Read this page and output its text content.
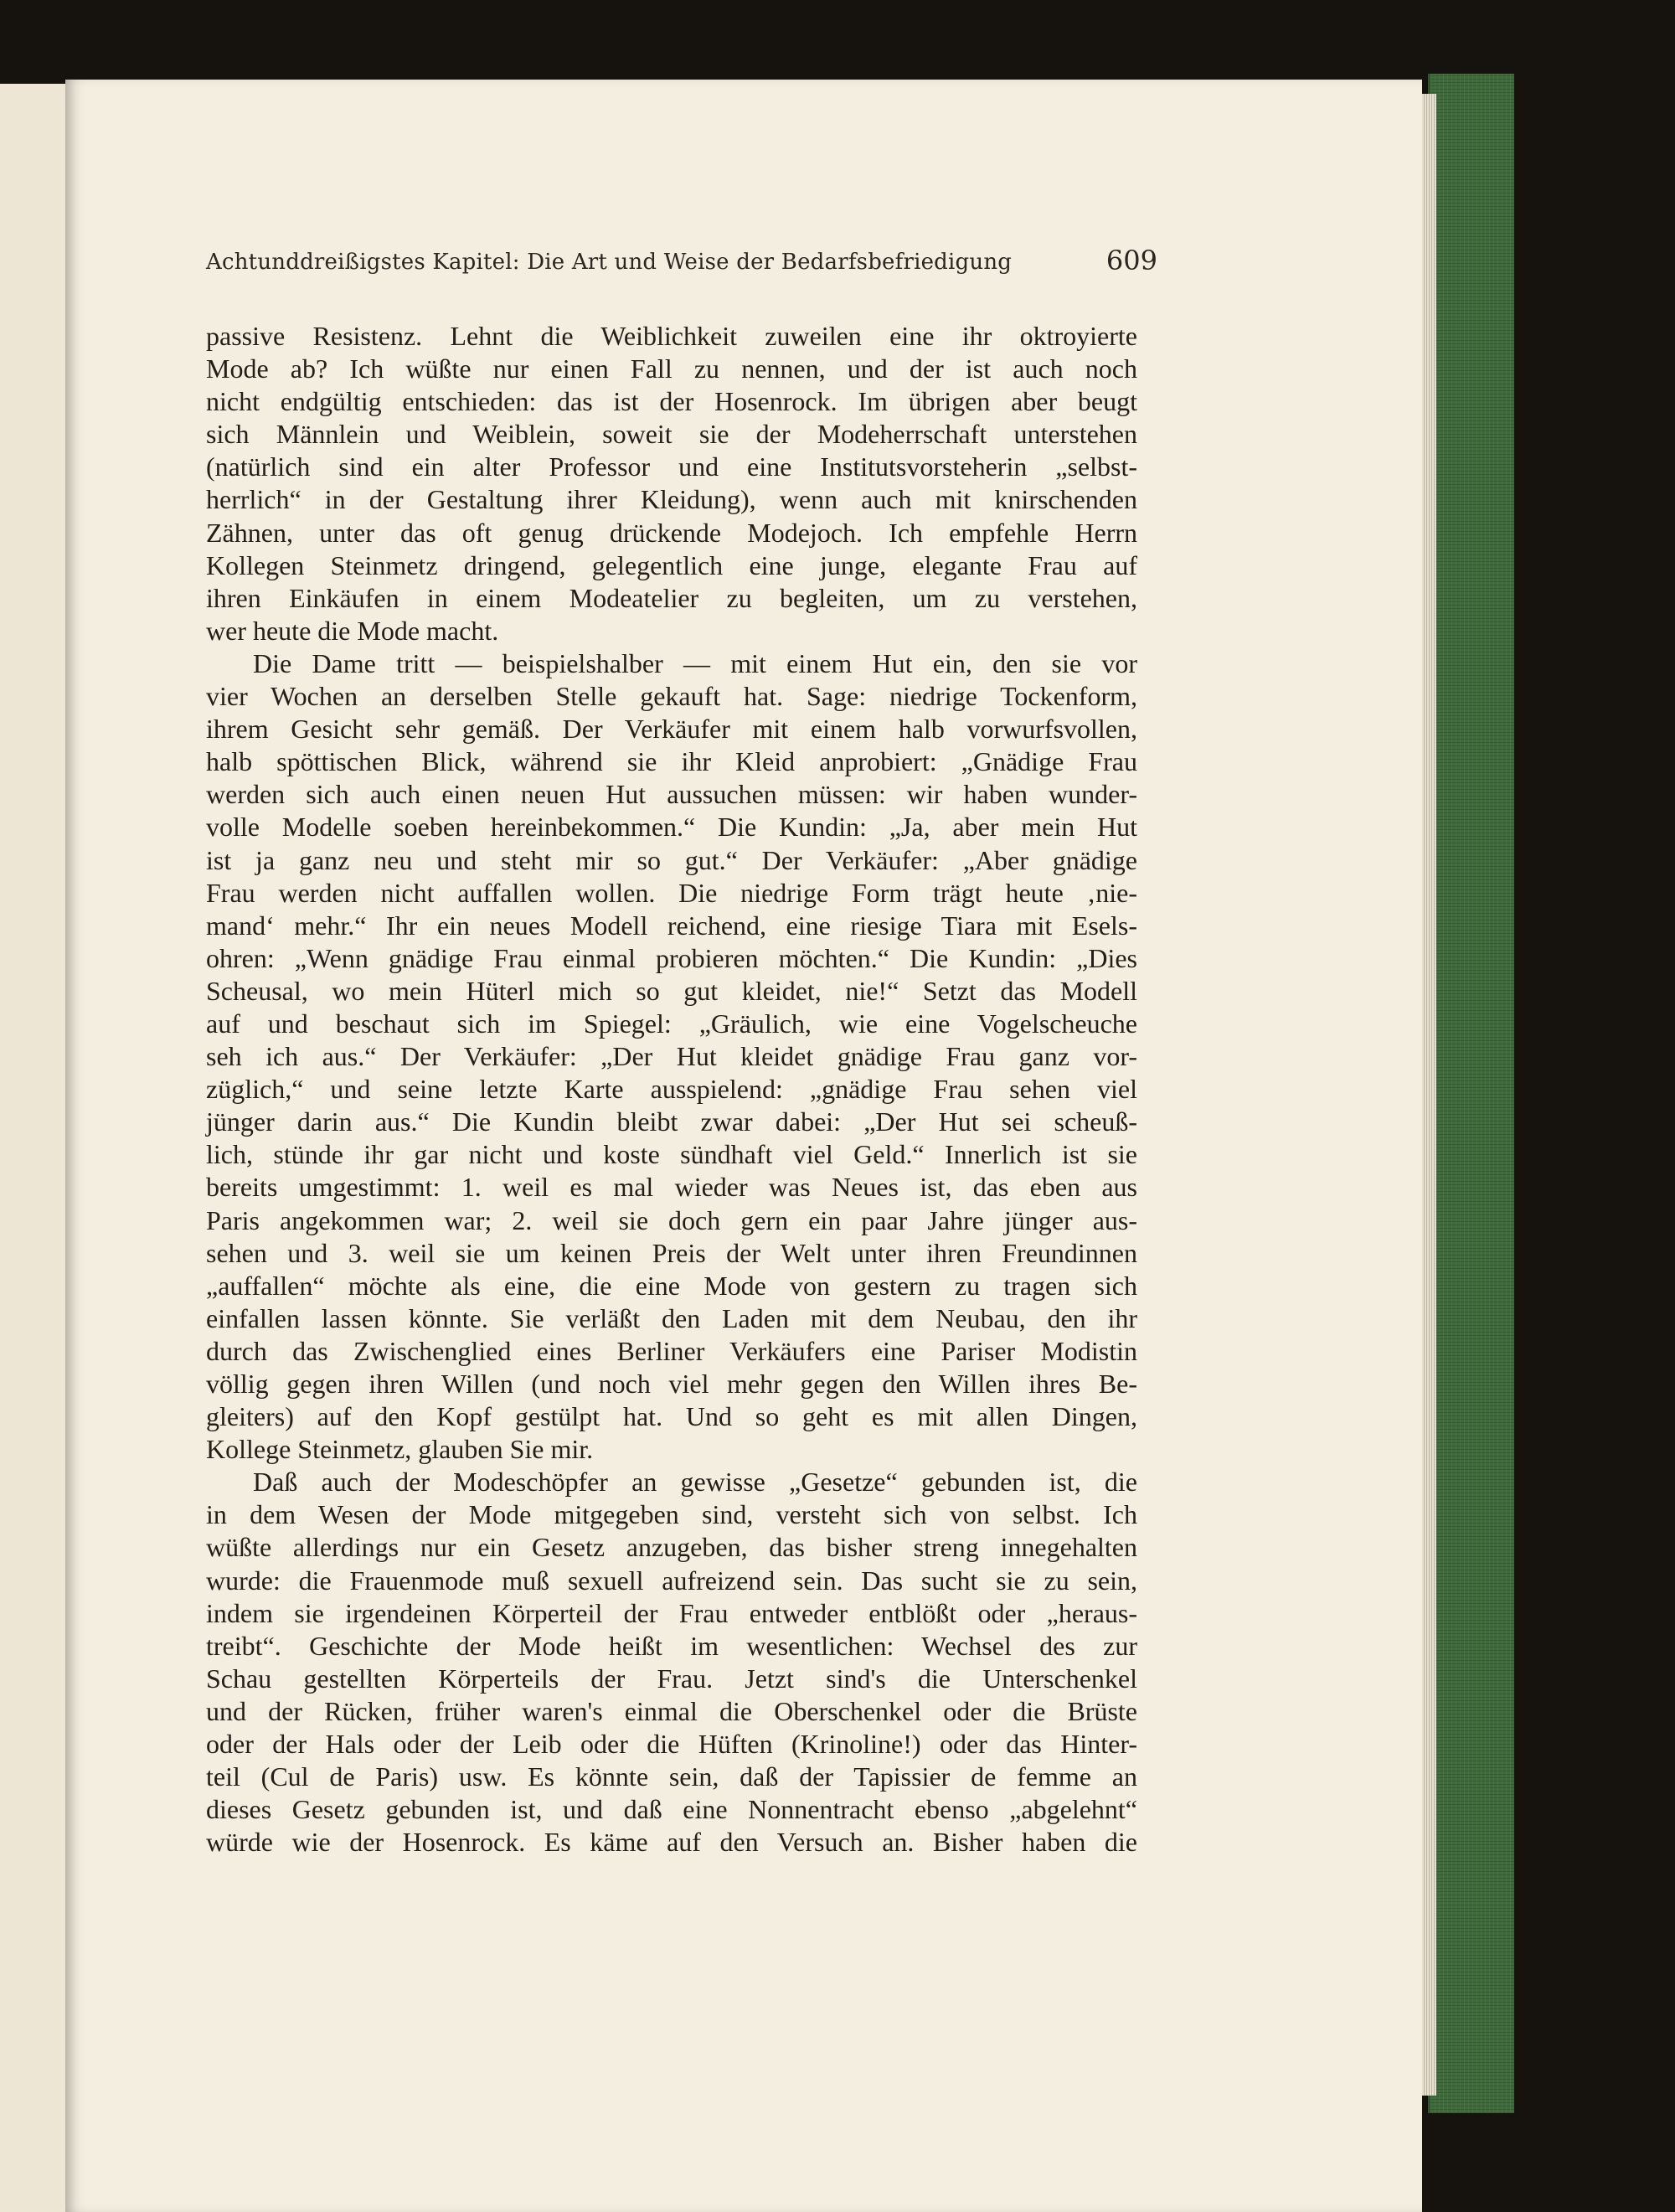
Achtunddreißigstes Kapitel: Die Art und Weise der Bedarfsbefriedigung	609
passive Resistenz. Lehnt die Weiblichkeit zuweilen eine ihr oktroyierte
Mode ab? Ich wüßte nur einen Fall zu nennen, und der ist auch noch
nicht endgültig entschieden: das ist der Hosenrock. Im übrigen aber beugt
sich Männlein und Weiblein, soweit sie der Modeherrschaft unterstehen
(natürlich sind ein alter Professor und eine Institutsvorsteherin „selbst-
herrlich“ in der Gestaltung ihrer Kleidung), wenn auch mit knirschenden
Zähnen, unter das oft genug drückende Modejoch. Ich empfehle Herrn
Kollegen Steinmetz dringend, gelegentlich eine junge, elegante Frau auf
ihren Einkäufen in einem Modeatelier zu begleiten, um zu verstehen,
wer heute die Mode macht.
Die Dame tritt — beispielshalber — mit einem Hut ein, den sie vor
vier Wochen an derselben Stelle gekauft hat. Sage: niedrige Tockenform,
ihrem Gesicht sehr gemäß. Der Verkäufer mit einem halb vorwurfsvollen,
halb spöttischen Blick, während sie ihr Kleid anprobiert: „Gnädige Frau
werden sich auch einen neuen Hut aussuchen müssen: wir haben wunder-
volle Modelle soeben hereinbekommen.“ Die Kundin: „Ja, aber mein Hut
ist ja ganz neu und steht mir so gut.“ Der Verkäufer: „Aber gnädige
Frau werden nicht auffallen wollen. Die niedrige Form trägt heute ‚nie-
mand‘ mehr.“ Ihr ein neues Modell reichend, eine riesige Tiara mit Esels-
ohren: „Wenn gnädige Frau einmal probieren möchten.“ Die Kundin: „Dies
Scheusal, wo mein Hüterl mich so gut kleidet, nie!“ Setzt das Modell
auf und beschaut sich im Spiegel: „Gräulich, wie eine Vogelscheuche
seh ich aus.“ Der Verkäufer: „Der Hut kleidet gnädige Frau ganz vor-
züglich,“ und seine letzte Karte ausspielend: „gnädige Frau sehen viel
jünger darin aus.“ Die Kundin bleibt zwar dabei: „Der Hut sei scheuß-
lich, stünde ihr gar nicht und koste sündhaft viel Geld.“ Innerlich ist sie
bereits umgestimmt: 1. weil es mal wieder was Neues ist, das eben aus
Paris angekommen war; 2. weil sie doch gern ein paar Jahre jünger aus-
sehen und 3. weil sie um keinen Preis der Welt unter ihren Freundinnen
„auffallen“ möchte als eine, die eine Mode von gestern zu tragen sich
einfallen lassen könnte. Sie verläßt den Laden mit dem Neubau, den ihr
durch das Zwischenglied eines Berliner Verkäufers eine Pariser Modistin
völlig gegen ihren Willen (und noch viel mehr gegen den Willen ihres Be-
gleiters) auf den Kopf gestülpt hat. Und so geht es mit allen Dingen,
Kollege Steinmetz, glauben Sie mir.
Daß auch der Modeschöpfer an gewisse „Gesetze“ gebunden ist, die
in dem Wesen der Mode mitgegeben sind, versteht sich von selbst. Ich
wüßte allerdings nur ein Gesetz anzugeben, das bisher streng innegehalten
wurde: die Frauenmode muß sexuell aufreizend sein. Das sucht sie zu sein,
indem sie irgendeinen Körperteil der Frau entweder entblößt oder „heraus-
treibt“. Geschichte der Mode heißt im wesentlichen: Wechsel des zur
Schau gestellten Körperteils der Frau. Jetzt sind's die Unterschenkel
und der Rücken, früher waren's einmal die Oberschenkel oder die Brüste
oder der Hals oder der Leib oder die Hüften (Krinoline!) oder das Hinter-
teil (Cul de Paris) usw. Es könnte sein, daß der Tapissier de femme an
dieses Gesetz gebunden ist, und daß eine Nonnentracht ebenso „abgelehnt“
würde wie der Hosenrock. Es käme auf den Versuch an. Bisher haben die
